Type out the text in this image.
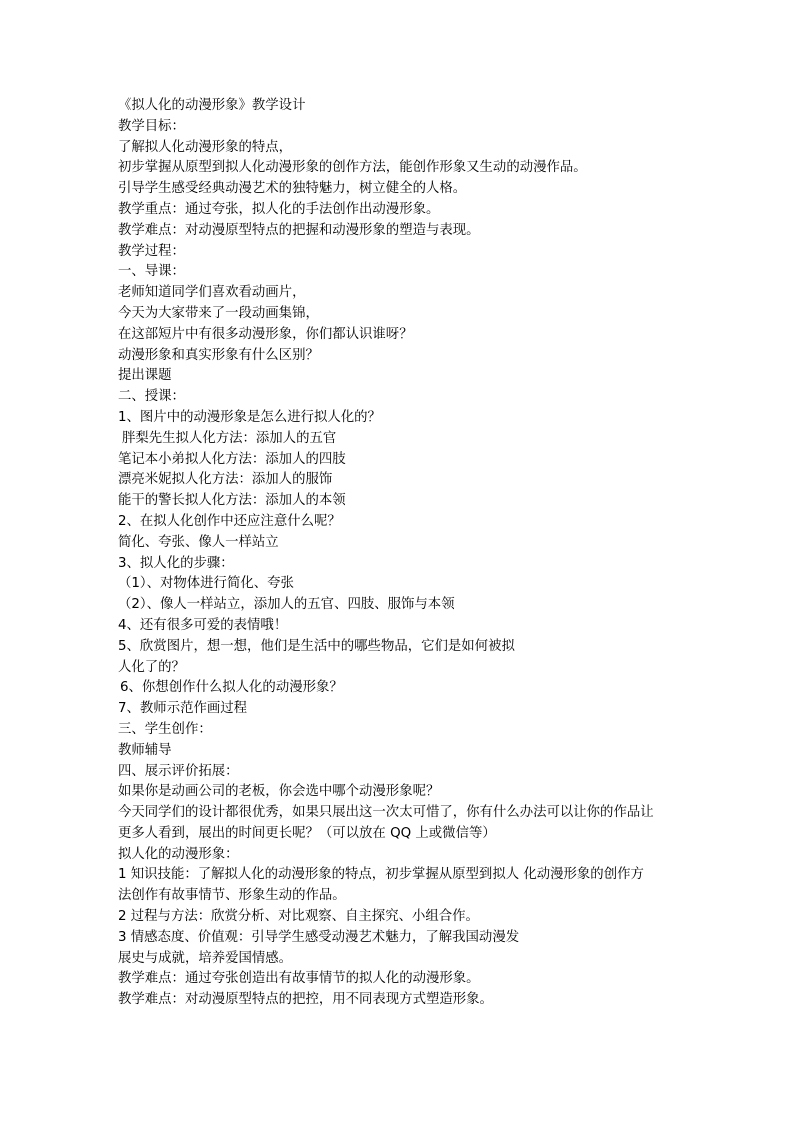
《拟人化的动漫形象》教学设计
教学目标：
了解拟人化动漫形象的特点，
初步掌握从原型到拟人化动漫形象的创作方法，能创作形象又生动的动漫作品。
引导学生感受经典动漫艺术的独特魅力，树立健全的人格。
教学重点：通过夸张，拟人化的手法创作出动漫形象。
教学难点：对动漫原型特点的把握和动漫形象的塑造与表现。
教学过程：
一、导课：
老师知道同学们喜欢看动画片，
今天为大家带来了一段动画集锦，
在这部短片中有很多动漫形象，你们都认识谁呀？
动漫形象和真实形象有什么区别？
提出课题
二、授课：
1、图片中的动漫形象是怎么进行拟人化的？
胖梨先生拟人化方法：添加人的五官
笔记本小弟拟人化方法：添加人的四肢
漂亮米妮拟人化方法：添加人的服饰
能干的警长拟人化方法：添加人的本领
2、在拟人化创作中还应注意什么呢？
简化、夸张、像人一样站立
3、拟人化的步骤：
（1）、对物体进行简化、夸张
（2）、像人一样站立，添加人的五官、四肢、服饰与本领
4、还有很多可爱的表情哦！
5、欣赏图片，想一想，他们是生活中的哪些物品，它们是如何被拟
人化了的？
6、你想创作什么拟人化的动漫形象？
7、教师示范作画过程
三、学生创作：
教师辅导
四、展示评价拓展：
如果你是动画公司的老板，你会选中哪个动漫形象呢？
今天同学们的设计都很优秀，如果只展出这一次太可惜了，你有什么办法可以让你的作品让
更多人看到，展出的时间更长呢？（可以放在 QQ 上或微信等）
拟人化的动漫形象：
1 知识技能：了解拟人化的动漫形象的特点，初步掌握从原型到拟人 化动漫形象的创作方
法创作有故事情节、形象生动的作品。
2 过程与方法：欣赏分析、对比观察、自主探究、小组合作。
3 情感态度、价值观：引导学生感受动漫艺术魅力，了解我国动漫发
展史与成就，培养爱国情感。
教学难点：通过夸张创造出有故事情节的拟人化的动漫形象。
教学难点：对动漫原型特点的把控，用不同表现方式塑造形象。
